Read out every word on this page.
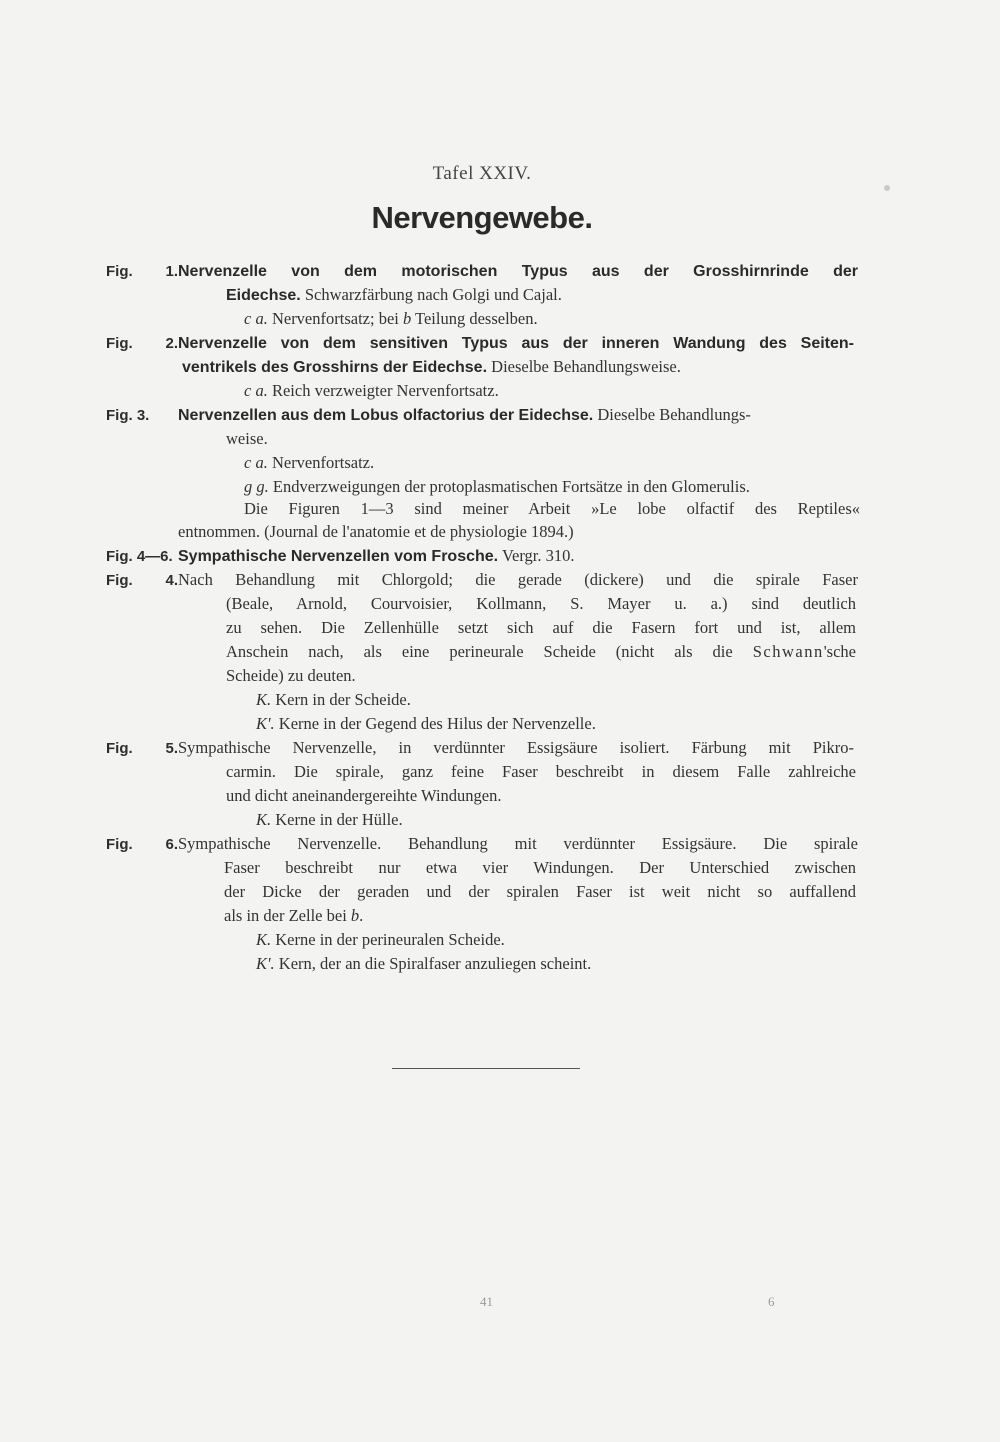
Tafel XXIV.
Nervengewebe.
Fig. 1.Nervenzelle von dem motorischen Typus aus der Grosshirnrinde der
Eidechse. Schwarzfärbung nach Golgi und Cajal.
c a. Nervenfortsatz; bei b Teilung desselben.
Fig. 2.Nervenzelle von dem sensitiven Typus aus der inneren Wandung des Seiten-
ventrikels des Grosshirns der Eidechse. Dieselbe Behandlungsweise.
c a. Reich verzweigter Nervenfortsatz.
Fig. 3. Nervenzellen aus dem Lobus olfactorius der Eidechse. Dieselbe Behandlungs-
weise.
c a. Nervenfortsatz.
g g. Endverzweigungen der protoplasmatischen Fortsätze in den Glomerulis.
Die Figuren 1—3 sind meiner Arbeit »Le lobe olfactif des Reptiles«
entnommen. (Journal de l'anatomie et de physiologie 1894.)
Fig. 4—6. Sympathische Nervenzellen vom Frosche. Vergr. 310.
Fig. 4.Nach Behandlung mit Chlorgold; die gerade (dickere) und die spirale Faser
(Beale, Arnold, Courvoisier, Kollmann, S. Mayer u. a.) sind deutlich
zu sehen. Die Zellenhülle setzt sich auf die Fasern fort und ist, allem
Anschein nach, als eine perineurale Scheide (nicht als die Schwann'sche
Scheide) zu deuten.
K. Kern in der Scheide.
K'. Kerne in der Gegend des Hilus der Nervenzelle.
Fig. 5.Sympathische Nervenzelle, in verdünnter Essigsäure isoliert. Färbung mit Pikro-
carmin. Die spirale, ganz feine Faser beschreibt in diesem Falle zahlreiche
und dicht aneinandergereihte Windungen.
K. Kerne in der Hülle.
Fig. 6.Sympathische Nervenzelle. Behandlung mit verdünnter Essigsäure. Die spirale
Faser beschreibt nur etwa vier Windungen. Der Unterschied zwischen
der Dicke der geraden und der spiralen Faser ist weit nicht so auffallend
als in der Zelle bei b.
K. Kerne in der perineuralen Scheide.
K'. Kern, der an die Spiralfaser anzuliegen scheint.
41	6
